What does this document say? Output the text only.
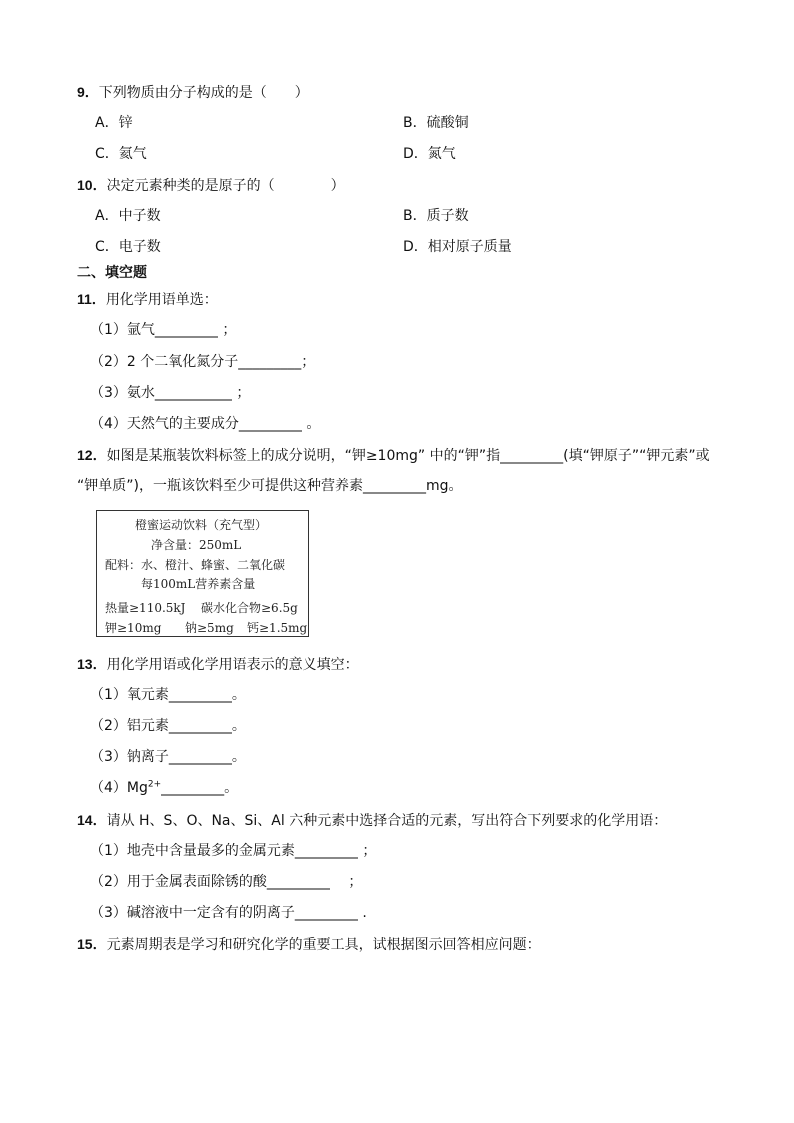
9．下列物质由分子构成的是（　　）
A．锌	B．硫酸铜
C．氦气	D．氮气
10．决定元素种类的是原子的（　　　　）
A．中子数	B．质子数
C．电子数	D．相对原子质量
二、填空题
11．用化学用语单选：
（1）氩气_________ ；
（2）2 个二氧化氮分子_________；
（3）氨水___________ ；
（4）天然气的主要成分_________ 。
12．如图是某瓶装饮料标签上的成分说明，“钾≥10mg” 中的“钾”指_________(填“钾原子”“钾元素”或
“钾单质”)，一瓶该饮料至少可提供这种营养素_________mg。
橙蜜运动饮料（充气型）
净含量：250mL
配料：水、橙汁、蜂蜜、二氧化碳
每100mL营养素含量
热量≥110.5kJ 碳水化合物≥6.5g
钾≥10mg 钠≥5mg 钙≥1.5mg
13．用化学用语或化学用语表示的意义填空：
（1）氧元素_________。
（2）铝元素_________。
（3）钠离子_________。
$(4)Mg^{2+}\_\_\_\_\_\_\_\_\_$。
14．请从 H、S、O、Na、Si、Al 六种元素中选择合适的元素，写出符合下列要求的化学用语：
（1）地壳中含量最多的金属元素_________ ；
（2）用于金属表面除锈的酸_________ 　；
（3）碱溶液中一定含有的阴离子_________ .
15．元素周期表是学习和研究化学的重要工具，试根据图示回答相应问题：
